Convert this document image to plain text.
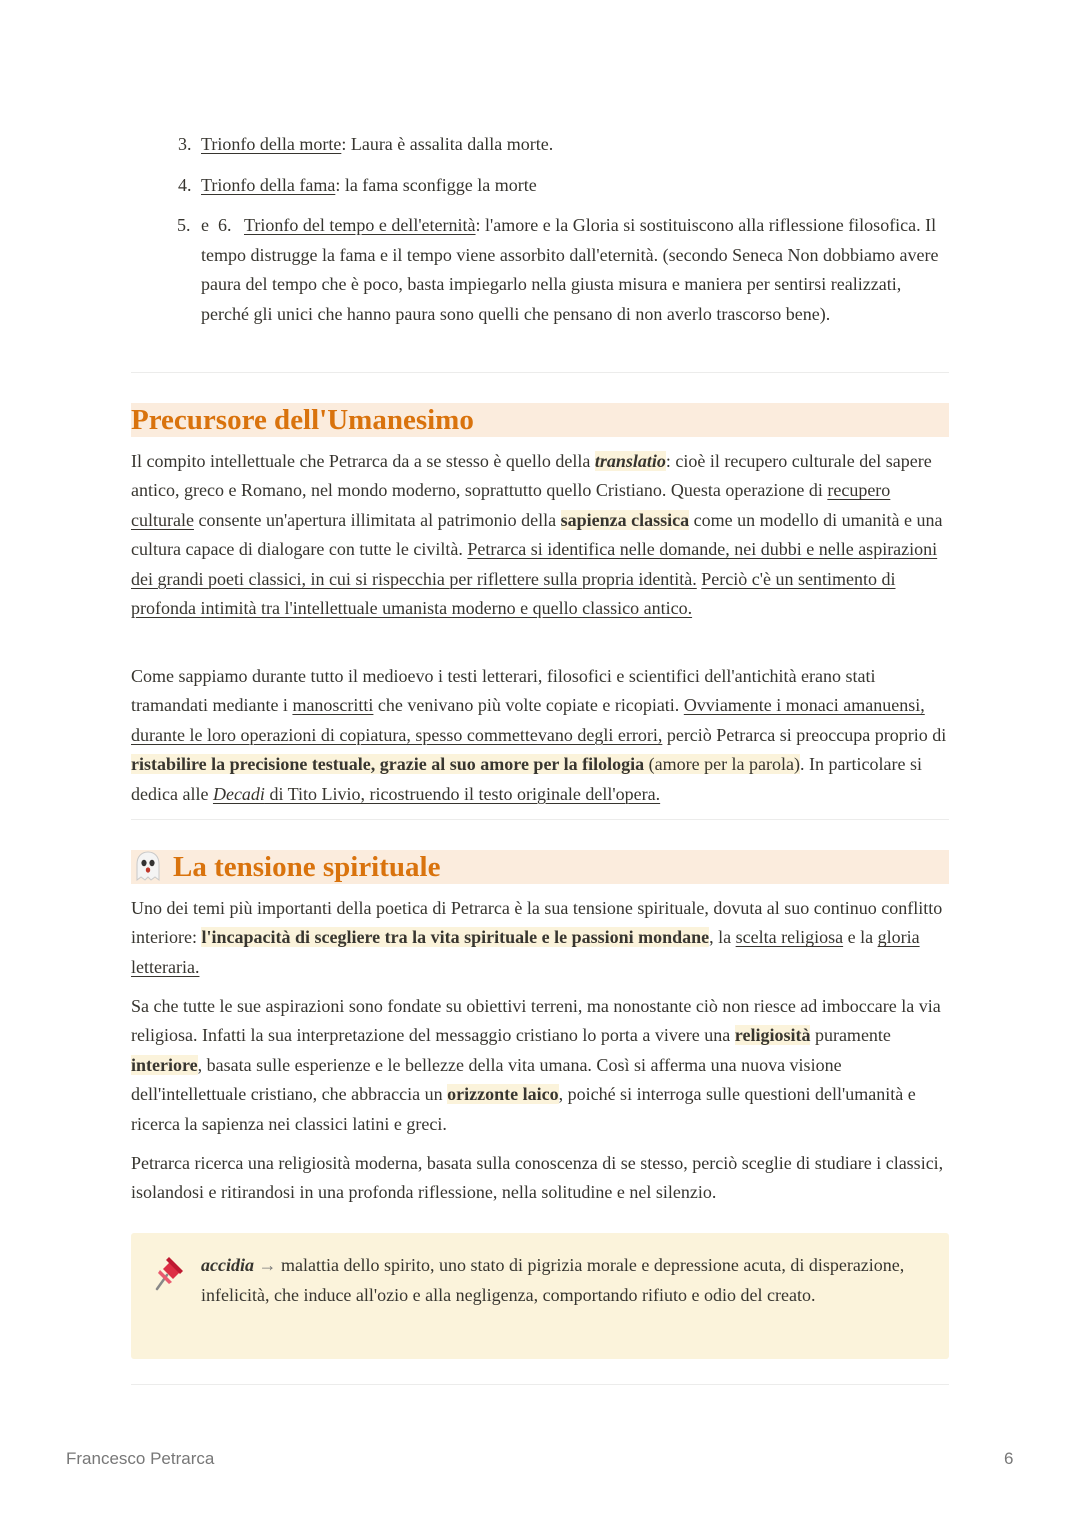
3. Trionfo della morte: Laura è assalita dalla morte.
4. Trionfo della fama: la fama sconfigge la morte
5. e  6. Trionfo del tempo e dell'eternità: l'amore e la Gloria si sostituiscono alla riflessione filosofica. Il tempo distrugge la fama e il tempo viene assorbito dall'eternità. (secondo Seneca Non dobbiamo avere paura del tempo che è poco, basta impiegarlo nella giusta misura e maniera per sentirsi realizzati, perché gli unici che hanno paura sono quelli che pensano di non averlo trascorso bene).
Precursore dell'Umanesimo

Il compito intellettuale che Petrarca da a se stesso è quello della translatio: cioè il recupero culturale del sapere antico, greco e Romano, nel mondo moderno, soprattutto quello Cristiano. Questa operazione di recupero culturale consente un'apertura illimitata al patrimonio della sapienza classica come un modello di umanità e una cultura capace di dialogare con tutte le civiltà. Petrarca si identifica nelle domande, nei dubbi e nelle aspirazioni dei grandi poeti classici, in cui si rispecchia per riflettere sulla propria identità. Perciò c'è un sentimento di profonda intimità tra l'intellettuale umanista moderno e quello classico antico.

Come sappiamo durante tutto il medioevo i testi letterari, filosofici e scientifici dell'antichità erano stati tramandati mediante i manoscritti che venivano più volte copiate e ricopiati. Ovviamente i monaci amanuensi, durante le loro operazioni di copiatura, spesso commettevano degli errori, perciò Petrarca si preoccupa proprio di ristabilire la precisione testuale, grazie al suo amore per la filologia (amore per la parola). In particolare si dedica alle Decadi di Tito Livio, ricostruendo il testo originale dell'opera.

La tensione spirituale

Uno dei temi più importanti della poetica di Petrarca è la sua tensione spirituale, dovuta al suo continuo conflitto interiore: l'incapacità di scegliere tra la vita spirituale e le passioni mondane, la scelta religiosa e la gloria letteraria.

Sa che tutte le sue aspirazioni sono fondate su obiettivi terreni, ma nonostante ciò non riesce ad imboccare la via religiosa. Infatti la sua interpretazione del messaggio cristiano lo porta a vivere una religiosità puramente interiore, basata sulle esperienze e le bellezze della vita umana. Così si afferma una nuova visione dell'intellettuale cristiano, che abbraccia un orizzonte laico, poiché si interroga sulle questioni dell'umanità e ricerca la sapienza nei classici latini e greci.

Petrarca ricerca una religiosità moderna, basata sulla conoscenza di se stesso, perciò sceglie di studiare i classici, isolandosi e ritirandosi in una profonda riflessione, nella solitudine e nel silenzio.

accidia → malattia dello spirito, uno stato di pigrizia morale e depressione acuta, di disperazione, infelicità, che induce all'ozio e alla negligenza, comportando rifiuto e odio del creato.
Francesco Petrarca	6
